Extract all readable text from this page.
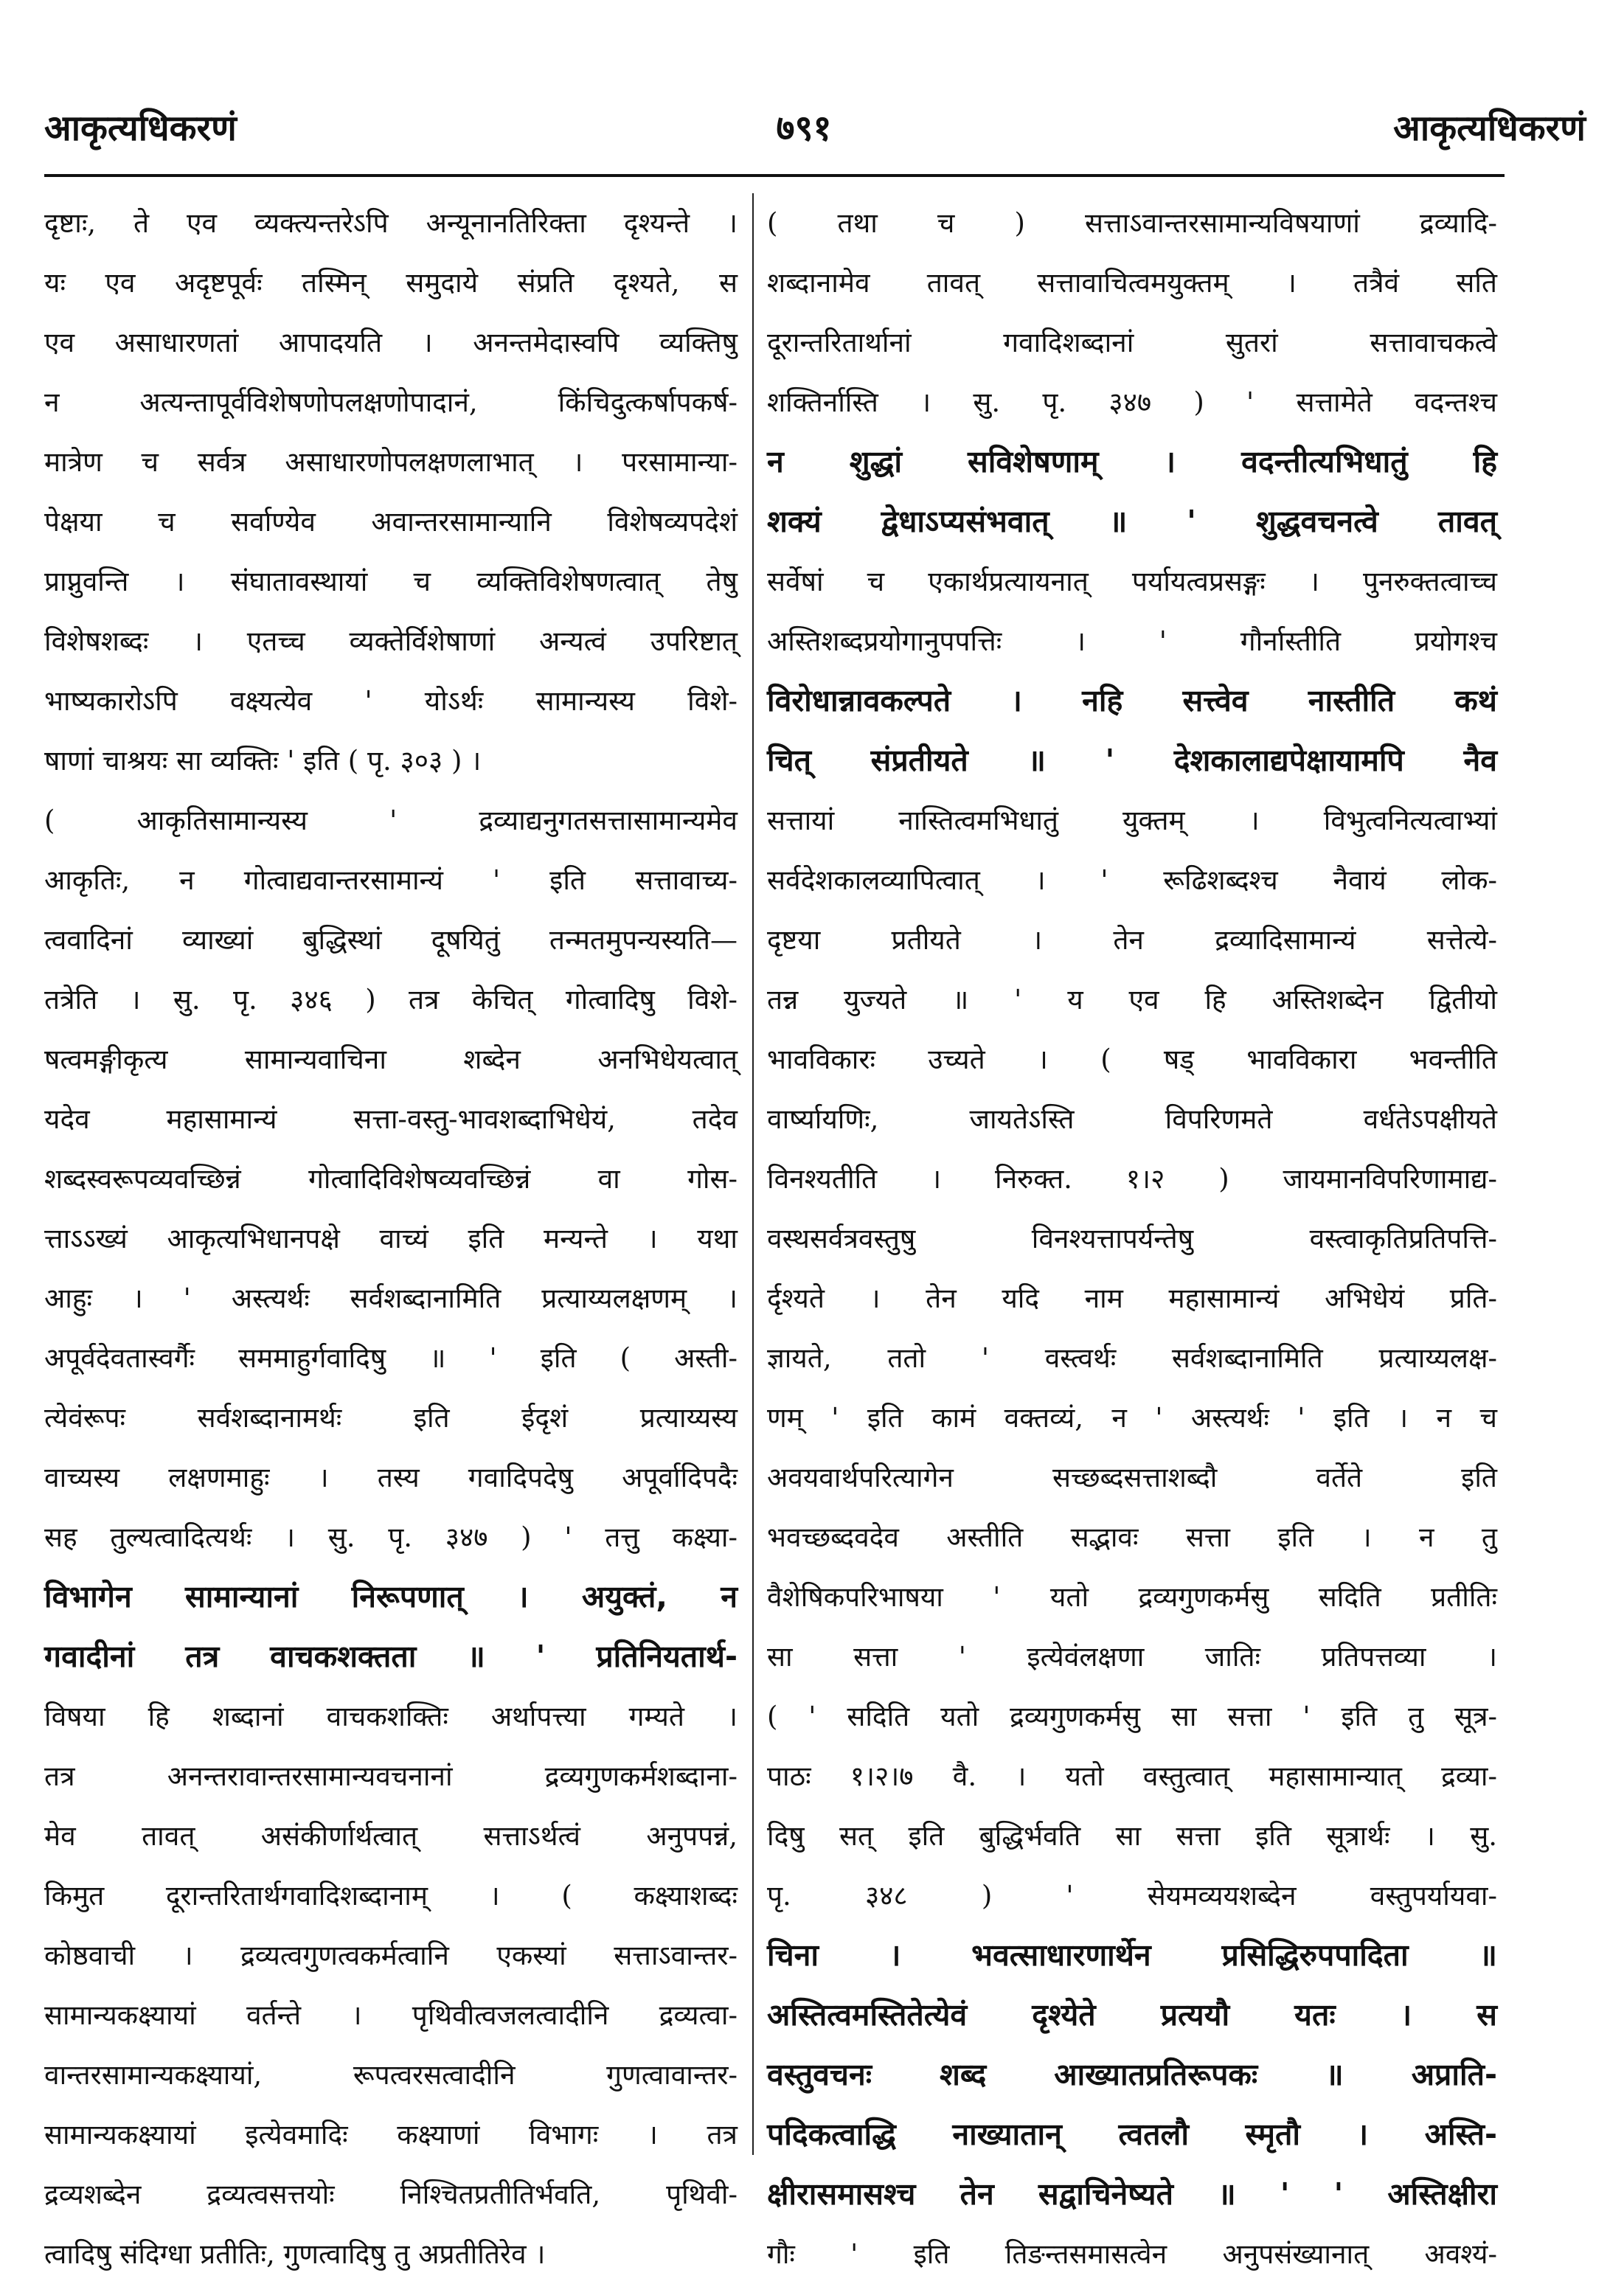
आकृत्यधिकरणं	७९१	आकृत्यधिकरणं
दृष्टाः, ते एव व्यक्त्यन्तरेऽपि अन्यूनानतिरिक्ता दृश्यन्ते ।
यः एव अदृष्टपूर्वः तस्मिन् समुदाये संप्रति दृश्यते, स
एव असाधारणतां आपादयति । अनन्तमेदास्वपि व्यक्तिषु
न अत्यन्तापूर्वविशेषणोपलक्षणोपादानं, किंचिदुत्कर्षापकर्ष-
मात्रेण च सर्वत्र असाधारणोपलक्षणलाभात् । परसामान्या-
पेक्षया च सर्वाण्येव अवान्तरसामान्यानि विशेषव्यपदेशं
प्राप्नुवन्ति । संघातावस्थायां च व्यक्तिविशेषणत्वात् तेषु
विशेषशब्दः । एतच्च व्यक्तेर्विशेषाणां अन्यत्वं उपरिष्टात्
भाष्यकारोऽपि वक्ष्यत्येव ' योऽर्थः सामान्यस्य विशे-
षाणां चाश्रयः सा व्यक्तिः ' इति ( पृ. ३०३ ) ।
( आकृतिसामान्यस्य ' द्रव्याद्यनुगतसत्तासामान्यमेव
आकृतिः, न गोत्वाद्यवान्तरसामान्यं ' इति सत्तावाच्य-
त्ववादिनां व्याख्यां बुद्धिस्थां दूषयितुं तन्मतमुपन्यस्यति—
तत्रेति । सु. पृ. ३४६ ) तत्र केचित् गोत्वादिषु विशे-
षत्वमङ्गीकृत्य सामान्यवाचिना शब्देन अनभिधेयत्वात्
यदेव महासामान्यं सत्ता-वस्तु-भावशब्दाभिधेयं, तदेव
शब्दस्वरूपव्यवच्छिन्नं गोत्वादिविशेषव्यवच्छिन्नं वा गोस-
त्ताऽऽख्यं आकृत्यभिधानपक्षे वाच्यं इति मन्यन्ते । यथा
आहुः । ' अस्त्यर्थः सर्वशब्दानामिति प्रत्याय्यलक्षणम् ।
अपूर्वदेवतास्वर्गैः सममाहुर्गवादिषु ॥ ' इति ( अस्ती-
त्येवंरूपः सर्वशब्दानामर्थः इति ईदृशं प्रत्याय्यस्य
वाच्यस्य लक्षणमाहुः । तस्य गवादिपदेषु अपूर्वादिपदैः
सह तुल्यत्वादित्यर्थः । सु. पृ. ३४७ ) ' तत्तु कक्ष्या-
विभागेन सामान्यानां निरूपणात् । अयुक्तं, न
गवादीनां तत्र वाचकशक्तता ॥ ' प्रतिनियतार्थ-
विषया हि शब्दानां वाचकशक्तिः अर्थापत्त्या गम्यते ।
तत्र अनन्तरावान्तरसामान्यवचनानां द्रव्यगुणकर्मशब्दाना-
मेव तावत् असंकीर्णार्थत्वात् सत्ताऽर्थत्वं अनुपपन्नं,
किमुत दूरान्तरितार्थगवादिशब्दानाम् । ( कक्ष्याशब्दः
कोष्ठवाची । द्रव्यत्वगुणत्वकर्मत्वानि एकस्यां सत्ताऽवान्तर-
सामान्यकक्ष्यायां वर्तन्ते । पृथिवीत्वजलत्वादीनि द्रव्यत्वा-
वान्तरसामान्यकक्ष्यायां, रूपत्वरसत्वादीनि गुणत्वावान्तर-
सामान्यकक्ष्यायां इत्येवमादिः कक्ष्याणां विभागः । तत्र
द्रव्यशब्देन द्रव्यत्वसत्तयोः निश्चितप्रतीतिर्भवति, पृथिवी-
त्वादिषु संदिग्धा प्रतीतिः, गुणत्वादिषु तु अप्रतीतिरेव ।
( तथा च ) सत्ताऽवान्तरसामान्यविषयाणां द्रव्यादि-
शब्दानामेव तावत् सत्तावाचित्वमयुक्तम् । तत्रैवं सति
दूरान्तरितार्थानां गवादिशब्दानां सुतरां सत्तावाचकत्वे
शक्तिर्नास्ति । सु. पृ. ३४७ ) ' सत्तामेते वदन्तश्च
न शुद्धां सविशेषणाम् । वदन्तीत्यभिधातुं हि
शक्यं द्वेधाऽप्यसंभवात् ॥ ' शुद्धवचनत्वे तावत्
सर्वेषां च एकार्थप्रत्यायनात् पर्यायत्वप्रसङ्गः । पुनरुक्तत्वाच्च
अस्तिशब्दप्रयोगानुपपत्तिः । ' गौर्नास्तीति प्रयोगश्च
विरोधान्नावकल्पते । नहि सत्त्वेव नास्तीति कथं
चित् संप्रतीयते ॥ ' देशकालाद्यपेक्षायामपि नैव
सत्तायां नास्तित्वमभिधातुं युक्तम् । विभुत्वनित्यत्वाभ्यां
सर्वदेशकालव्यापित्वात् । ' रूढिशब्दश्च नैवायं लोक-
दृष्टया प्रतीयते । तेन द्रव्यादिसामान्यं सत्तेत्ये-
तन्न युज्यते ॥ ' य एव हि अस्तिशब्देन द्वितीयो
भावविकारः उच्यते । ( षड् भावविकारा भवन्तीति
वार्ष्यायणिः, जायतेऽस्ति विपरिणमते वर्धतेऽपक्षीयते
विनश्यतीति । निरुक्त. १।२ ) जायमानविपरिणामाद्य-
वस्थसर्वत्रवस्तुषु विनश्यत्तापर्यन्तेषु वस्त्वाकृतिप्रतिपत्ति-
र्दृश्यते । तेन यदि नाम महासामान्यं अभिधेयं प्रति-
ज्ञायते, ततो ' वस्त्वर्थः सर्वशब्दानामिति प्रत्याय्यलक्ष-
णम् ' इति कामं वक्तव्यं, न ' अस्त्यर्थः ' इति । न च
अवयवार्थपरित्यागेन सच्छब्दसत्ताशब्दौ वर्तेते इति
भवच्छब्दवदेव अस्तीति सद्भावः सत्ता इति । न तु
वैशेषिकपरिभाषया ' यतो द्रव्यगुणकर्मसु सदिति प्रतीतिः
सा सत्ता ' इत्येवंलक्षणा जातिः प्रतिपत्तव्या ।
( ' सदिति यतो द्रव्यगुणकर्मसु सा सत्ता ' इति तु सूत्र-
पाठः १।२।७ वै. । यतो वस्तुत्वात् महासामान्यात् द्रव्या-
दिषु सत् इति बुद्धिर्भवति सा सत्ता इति सूत्रार्थः । सु.
पृ. ३४८ ) ' सेयमव्ययशब्देन वस्तुपर्यायवा-
चिना । भवत्साधारणार्थेन प्रसिद्धिरुपपादिता ॥
अस्तित्वमस्तितेत्येवं दृश्येते प्रत्ययौ यतः । स
वस्तुवचनः शब्द आख्यातप्रतिरूपकः ॥ अप्राति-
पदिकत्वाद्धि नाख्यातान् त्वतलौ स्मृतौ । अस्ति-
क्षीरासमासश्च तेन सद्वाचिनेष्यते ॥ ' ' अस्तिक्षीरा
गौः ' इति तिङन्तसमासत्वेन अनुपसंख्यानात् अवश्यं-
